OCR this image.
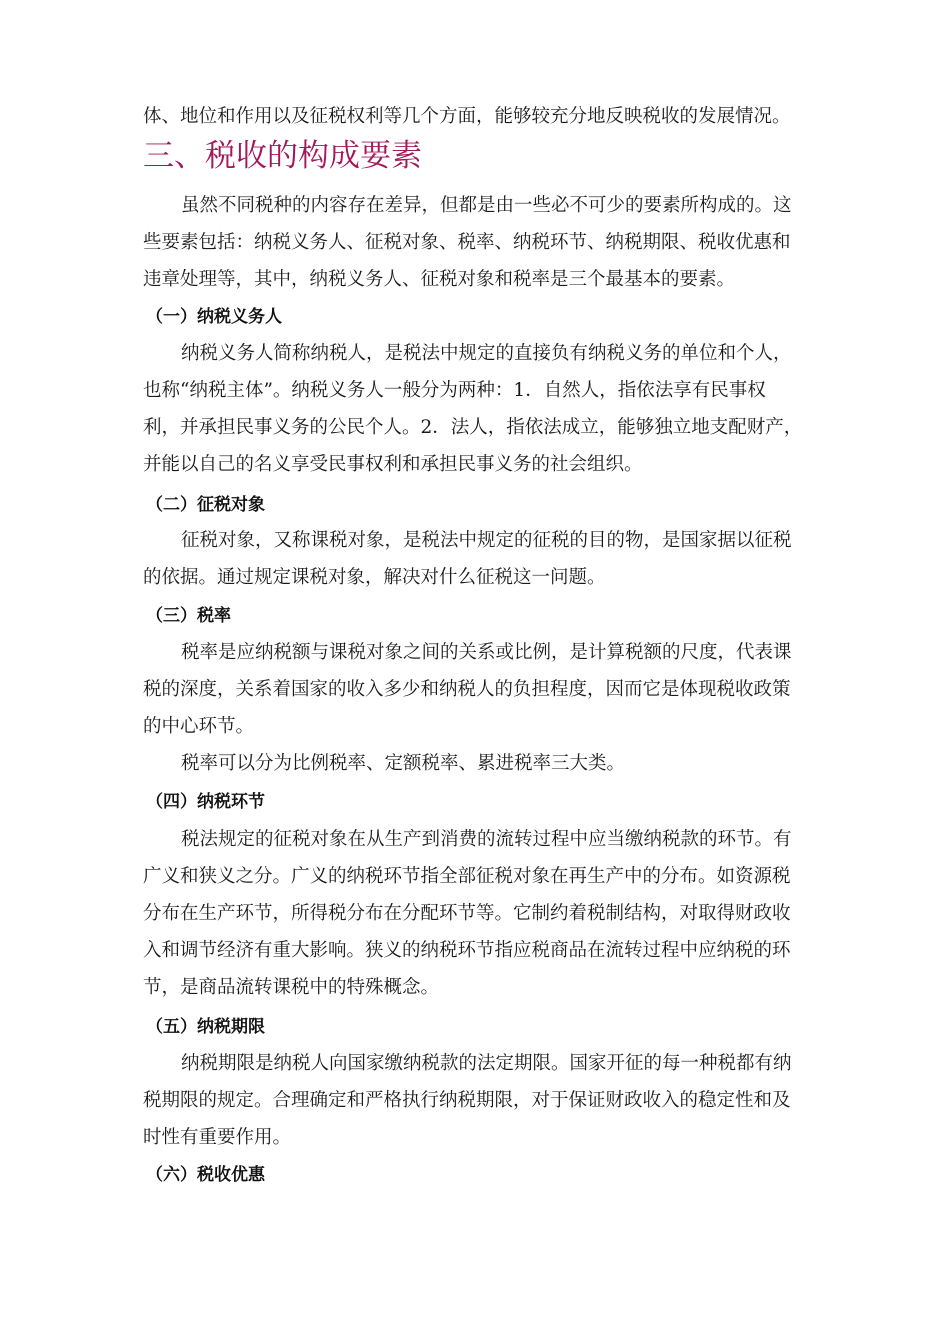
体、地位和作用以及征税权利等几个方面，能够较充分地反映税收的发展情况。
三、税收的构成要素
虽然不同税种的内容存在差异，但都是由一些必不可少的要素所构成的。这
些要素包括：纳税义务人、征税对象、税率、纳税环节、纳税期限、税收优惠和
违章处理等，其中，纳税义务人、征税对象和税率是三个最基本的要素。
（一）纳税义务人
纳税义务人简称纳税人，是税法中规定的直接负有纳税义务的单位和个人，
也称“纳税主体”。纳税义务人一般分为两种：1．自然人，指依法享有民事权
利，并承担民事义务的公民个人。2．法人，指依法成立，能够独立地支配财产，
并能以自己的名义享受民事权利和承担民事义务的社会组织。
（二）征税对象
征税对象，又称课税对象，是税法中规定的征税的目的物，是国家据以征税
的依据。通过规定课税对象，解决对什么征税这一问题。
（三）税率
税率是应纳税额与课税对象之间的关系或比例，是计算税额的尺度，代表课
税的深度，关系着国家的收入多少和纳税人的负担程度，因而它是体现税收政策
的中心环节。
税率可以分为比例税率、定额税率、累进税率三大类。
（四）纳税环节
税法规定的征税对象在从生产到消费的流转过程中应当缴纳税款的环节。有
广义和狭义之分。广义的纳税环节指全部征税对象在再生产中的分布。如资源税
分布在生产环节，所得税分布在分配环节等。它制约着税制结构，对取得财政收
入和调节经济有重大影响。狭义的纳税环节指应税商品在流转过程中应纳税的环
节，是商品流转课税中的特殊概念。
（五）纳税期限
纳税期限是纳税人向国家缴纳税款的法定期限。国家开征的每一种税都有纳
税期限的规定。合理确定和严格执行纳税期限，对于保证财政收入的稳定性和及
时性有重要作用。
（六）税收优惠
